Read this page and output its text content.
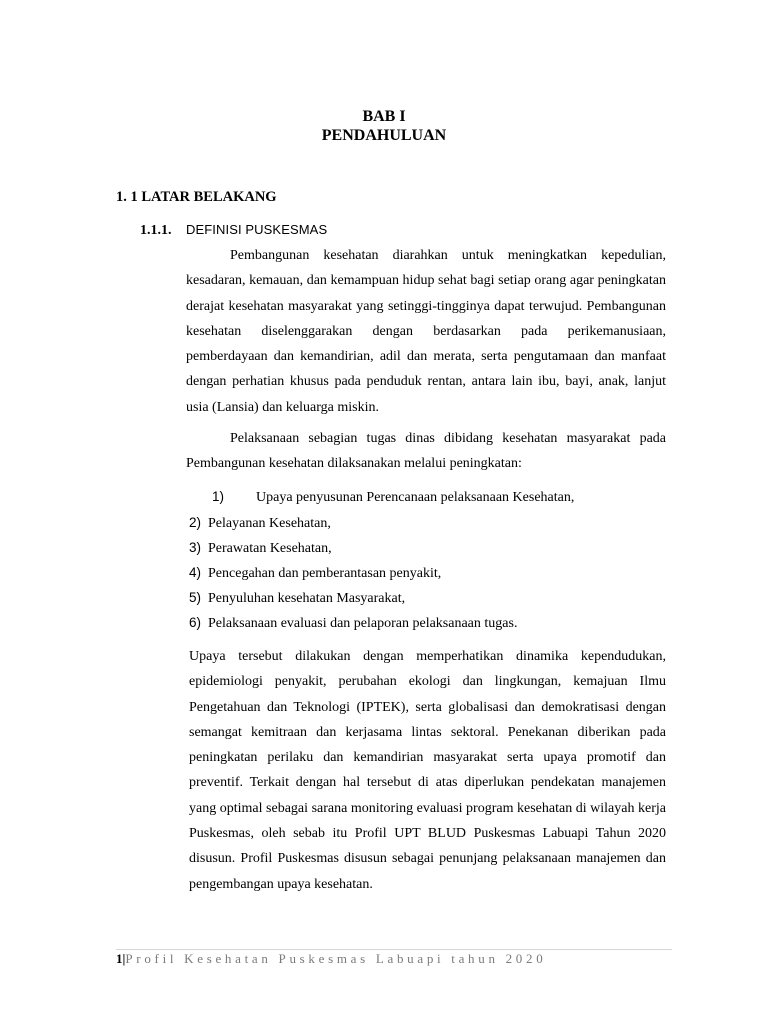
BAB I
PENDAHULUAN
1. 1 LATAR BELAKANG
1.1.1. DEFINISI PUSKESMAS

Pembangunan kesehatan diarahkan untuk meningkatkan kepedulian, kesadaran, kemauan, dan kemampuan hidup sehat bagi setiap orang agar peningkatan derajat kesehatan masyarakat yang setinggi-tingginya dapat terwujud. Pembangunan kesehatan diselenggarakan dengan berdasarkan pada perikemanusiaan, pemberdayaan dan kemandirian, adil dan merata, serta pengutamaan dan manfaat dengan perhatian khusus pada penduduk rentan, antara lain ibu, bayi, anak, lanjut usia (Lansia) dan keluarga miskin.

Pelaksanaan sebagian tugas dinas dibidang kesehatan masyarakat pada Pembangunan kesehatan dilaksanakan melalui peningkatan:

1) Upaya penyusunan Perencanaan pelaksanaan Kesehatan,
2) Pelayanan Kesehatan,
3) Perawatan Kesehatan,
4) Pencegahan dan pemberantasan penyakit,
5) Penyuluhan kesehatan Masyarakat,
6)  Pelaksanaan evaluasi dan pelaporan pelaksanaan tugas.

Upaya tersebut dilakukan dengan memperhatikan dinamika kependudukan, epidemiologi penyakit, perubahan ekologi dan lingkungan, kemajuan Ilmu Pengetahuan dan Teknologi (IPTEK), serta globalisasi dan demokratisasi dengan semangat kemitraan dan kerjasama lintas sektoral. Penekanan diberikan pada peningkatan perilaku dan kemandirian masyarakat serta upaya promotif dan preventif. Terkait dengan hal tersebut di atas diperlukan pendekatan manajemen yang optimal sebagai sarana monitoring evaluasi program kesehatan di wilayah kerja Puskesmas, oleh sebab itu Profil UPT BLUD Puskesmas Labuapi Tahun 2020 disusun. Profil Puskesmas disusun sebagai penunjang pelaksanaan manajemen dan pengembangan upaya kesehatan.

1|Profil Kesehatan Puskesmas Labuapi tahun 2020
